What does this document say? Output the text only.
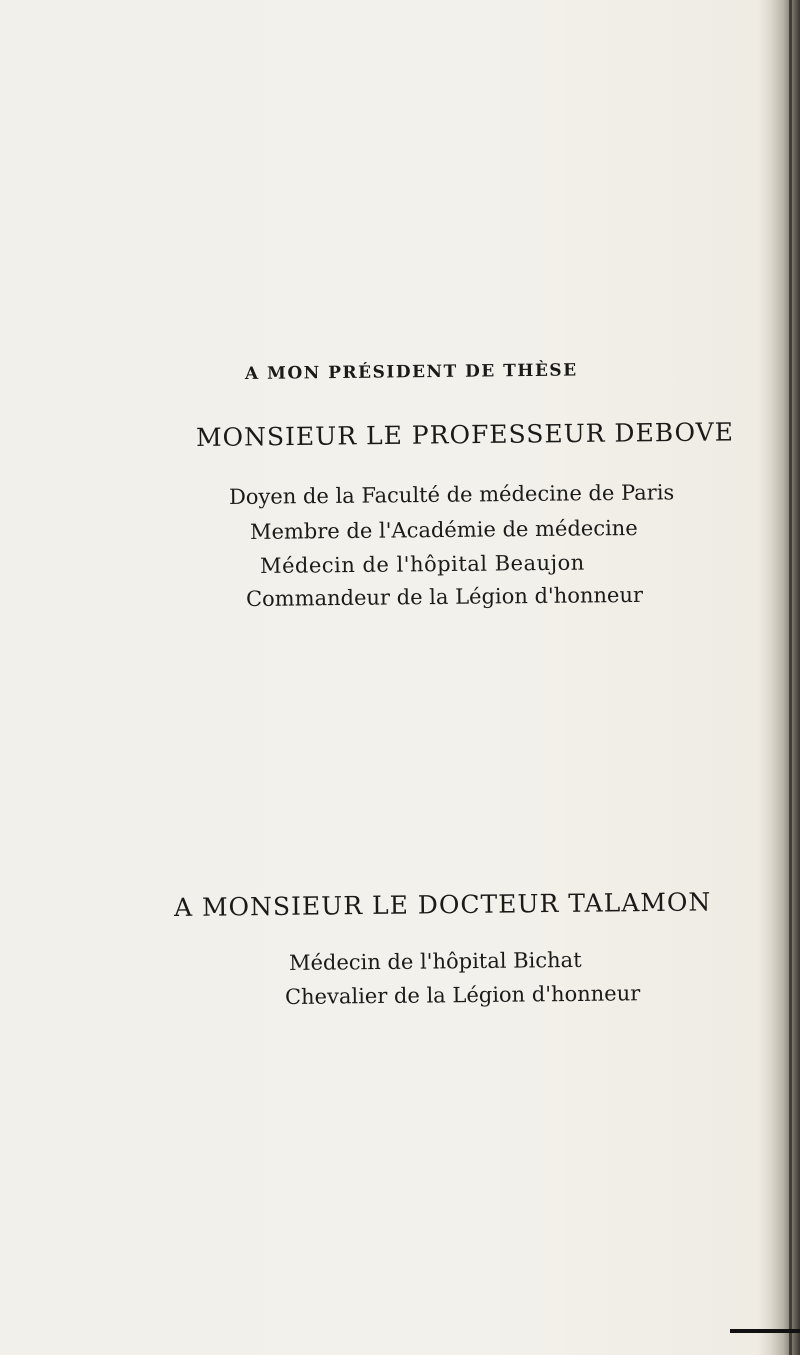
A MON PRÉSIDENT DE THÈSE
MONSIEUR LE PROFESSEUR DEBOVE
Doyen de la Faculté de médecine de Paris
Membre de l'Académie de médecine
Médecin de l'hôpital Beaujon
Commandeur de la Légion d'honneur
A MONSIEUR LE DOCTEUR TALAMON
Médecin de l'hôpital Bichat
Chevalier de la Légion d'honneur
